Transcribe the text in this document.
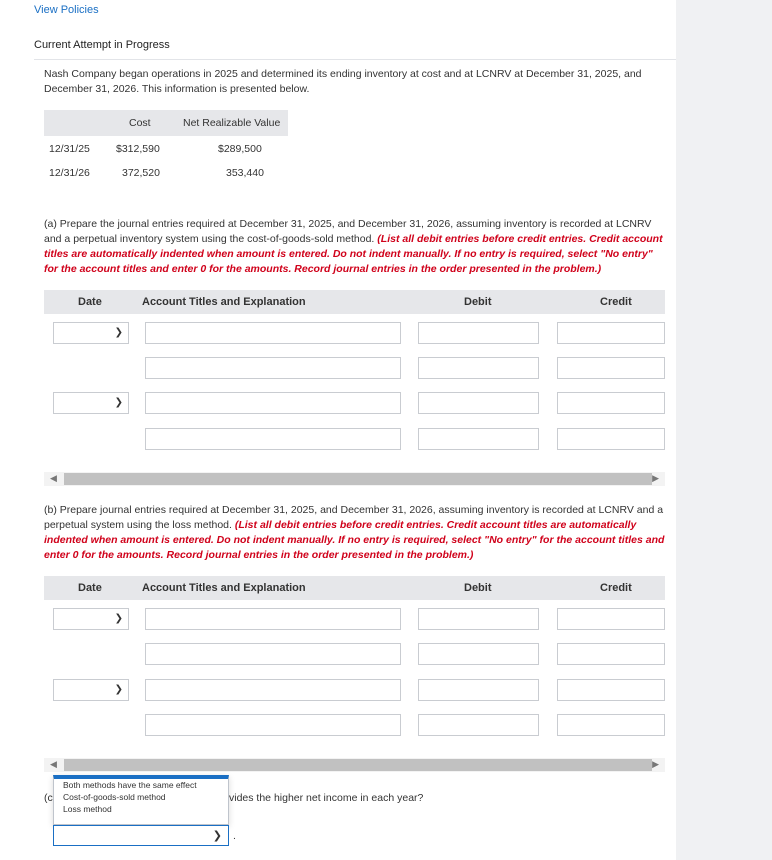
View Policies
Current Attempt in Progress
Nash Company began operations in 2025 and determined its ending inventory at cost and at LCNRV at December 31, 2025, and December 31, 2026. This information is presented below.
Cost	Net Realizable Value
12/31/25 $312,590	$289,500
12/31/26	372,520	353,440
(a) Prepare the journal entries required at December 31, 2025, and December 31, 2026, assuming inventory is recorded at LCNRV and a perpetual inventory system using the cost-of-goods-sold method. (List all debit entries before credit entries. Credit account titles are automatically indented when amount is entered. Do not indent manually. If no entry is required, select "No entry" for the account titles and enter 0 for the amounts. Record journal entries in the order presented in the problem.)
Date	Account Titles and Explanation	Debit	Credit
❯
❯
◀	▶
(b) Prepare journal entries required at December 31, 2025, and December 31, 2026, assuming inventory is recorded at LCNRV and a perpetual system using the loss method. (List all debit entries before credit entries. Credit account titles are automatically indented when amount is entered. Do not indent manually. If no entry is required, select "No entry" for the account titles and enter 0 for the amounts. Record journal entries in the order presented in the problem.)
Date	Account Titles and Explanation	Debit	Credit
❯
❯
◀	▶
(c	vides the higher net income in each year?
Both methods have the same effect
Cost-of-goods-sold method
Loss method
❯ .
